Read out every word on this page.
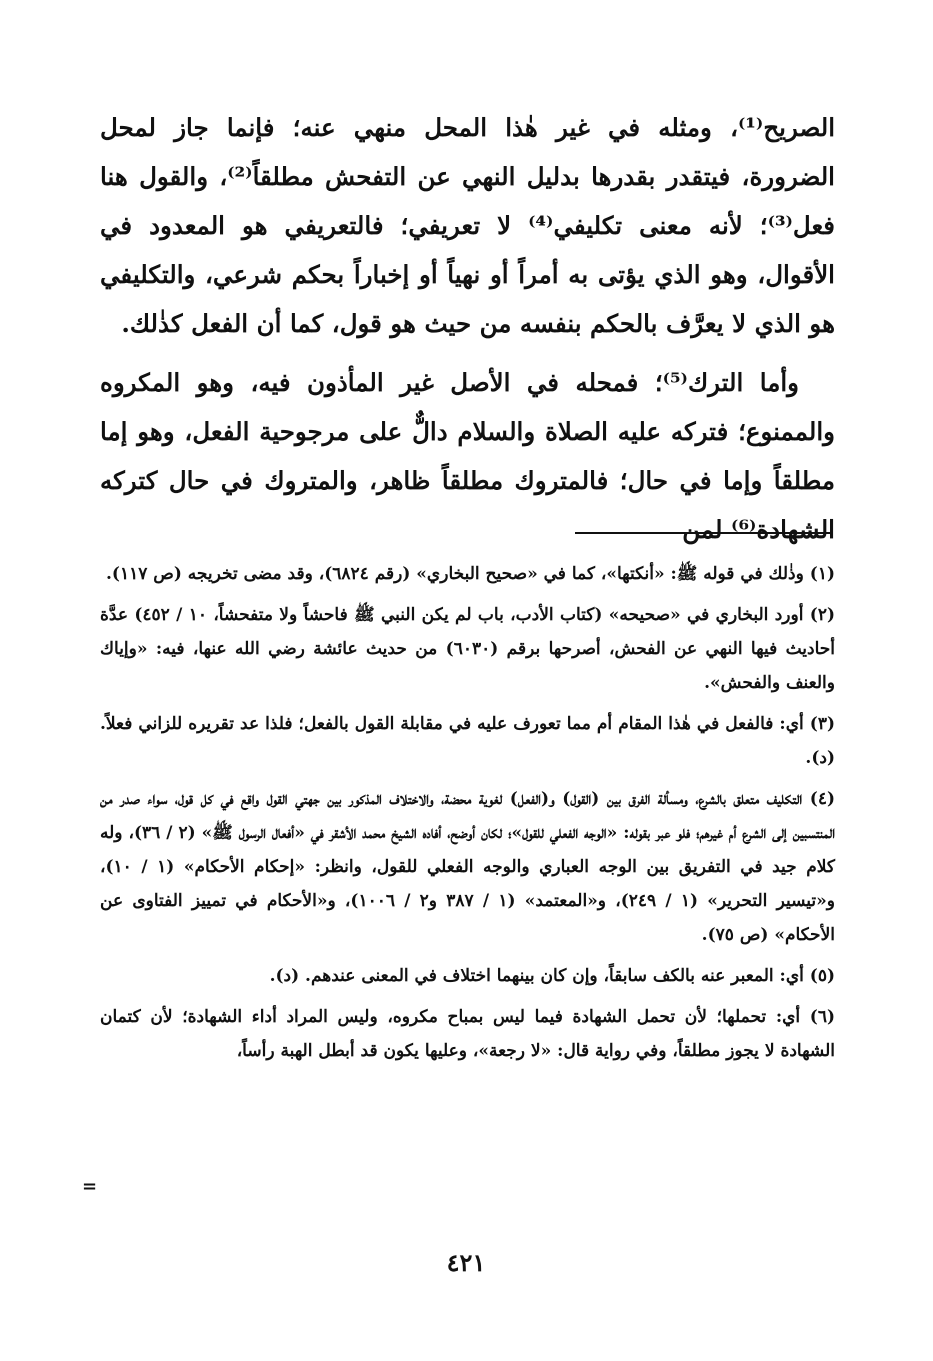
الصريح⁽¹⁾، ومثله في غير هٰذا المحل منهي عنه؛ فإنما جاز لمحل الضرورة، فيتقدر بقدرها بدليل النهي عن التفحش مطلقاً⁽²⁾، والقول هنا فعل⁽³⁾؛ لأنه معنى تكليفي⁽⁴⁾ لا تعريفي؛ فالتعريفي هو المعدود في الأقوال، وهو الذي يؤتى به أمراً أو نهياً أو إخباراً بحكم شرعي، والتكليفي هو الذي لا يعرَّف بالحكم بنفسه من حيث هو قول، كما أن الفعل كذٰلك.

وأما الترك⁽⁵⁾؛ فمحله في الأصل غير المأذون فيه، وهو المكروه والممنوع؛ فتركه عليه الصلاة والسلام دالٌّ على مرجوحية الفعل، وهو إما مطلقاً وإما في حال؛ فالمتروك مطلقاً ظاهر، والمتروك في حال كتركه الشهادة⁽⁶⁾ لمن

(١) وذٰلك في قوله ﷺ: «أنكتها»، كما في «صحيح البخاري» (رقم ٦٨٢٤)، وقد مضى تخريجه (ص ١١٧).

(٢) أورد البخاري في «صحيحه» (كتاب الأدب، باب لم يكن النبي ﷺ فاحشاً ولا متفحشاً، ١٠ / ٤٥٢) عدَّة أحاديث فيها النهي عن الفحش، أصرحها برقم (٦٠٣٠) من حديث عائشة رضي الله عنها، فيه: «وإياك والعنف والفحش».

(٣) أي: فالفعل في هٰذا المقام أم مما تعورف عليه في مقابلة القول بالفعل؛ فلذا عد تقريره للزاني فعلاً. (د).

(٤) التكليف متعلق بالشرع، ومسألة الفرق بين (القول) و(الفعل) لغوية محضة، والاختلاف المذكور بين جهتي القول واقع في كل قول، سواء صدر من المنتسبين إلى الشرع أم غيرهم؛ فلو عبر بقوله: «الوجه الفعلي للقول»؛ لكان أوضح، أفاده الشيخ محمد الأشقر في «أفعال الرسول ﷺ» (٢ / ٣٦)، وله كلام جيد في التفريق بين الوجه العباري والوجه الفعلي للقول، وانظر: «إحكام الأحكام» (١ / ١٠)، و«تيسير التحرير» (١ / ٢٤٩)، و«المعتمد» (١ / ٣٨٧ و٢ / ١٠٠٦)، و«الأحكام في تمييز الفتاوى عن الأحكام» (ص ٧٥).

(٥) أي: المعبر عنه بالكف سابقاً، وإن كان بينهما اختلاف في المعنى عندهم. (د).

(٦) أي: تحملها؛ لأن تحمل الشهادة فيما ليس بمباح مكروه، وليس المراد أداء الشهادة؛ لأن كتمان الشهادة لا يجوز مطلقاً، وفي رواية قال: «لا رجعة»، وعليها يكون قد أبطل الهبة رأساً،

=
٤٢١
